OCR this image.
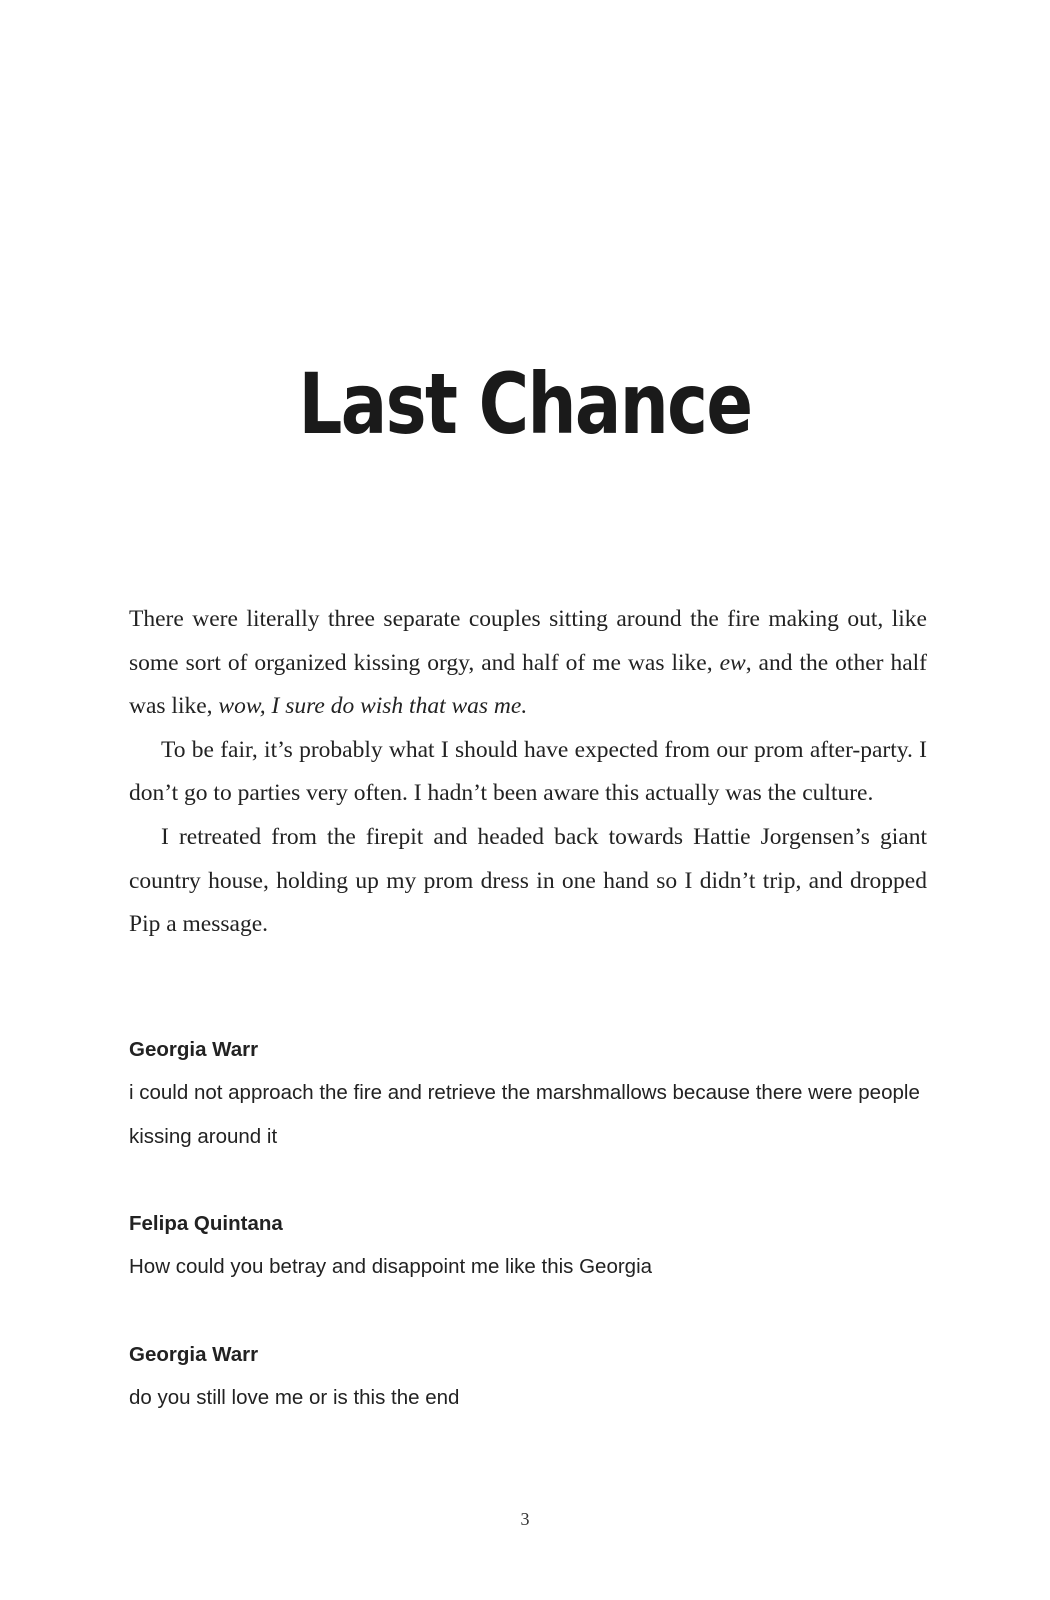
Last Chance

There were literally three separate couples sitting around the fire making out, like some sort of organized kissing orgy, and half of me was like, ew, and the other half was like, wow, I sure do wish that was me.

To be fair, it’s probably what I should have expected from our prom after-party. I don’t go to parties very often. I hadn’t been aware this actually was the culture.

I retreated from the firepit and headed back towards Hattie Jorgensen’s giant country house, holding up my prom dress in one hand so I didn’t trip, and dropped Pip a message.

Georgia Warr

i could not approach the fire and retrieve the marshmallows because there were people kissing around it

Felipa Quintana

How could you betray and disappoint me like this Georgia

Georgia Warr

do you still love me or is this the end

3
